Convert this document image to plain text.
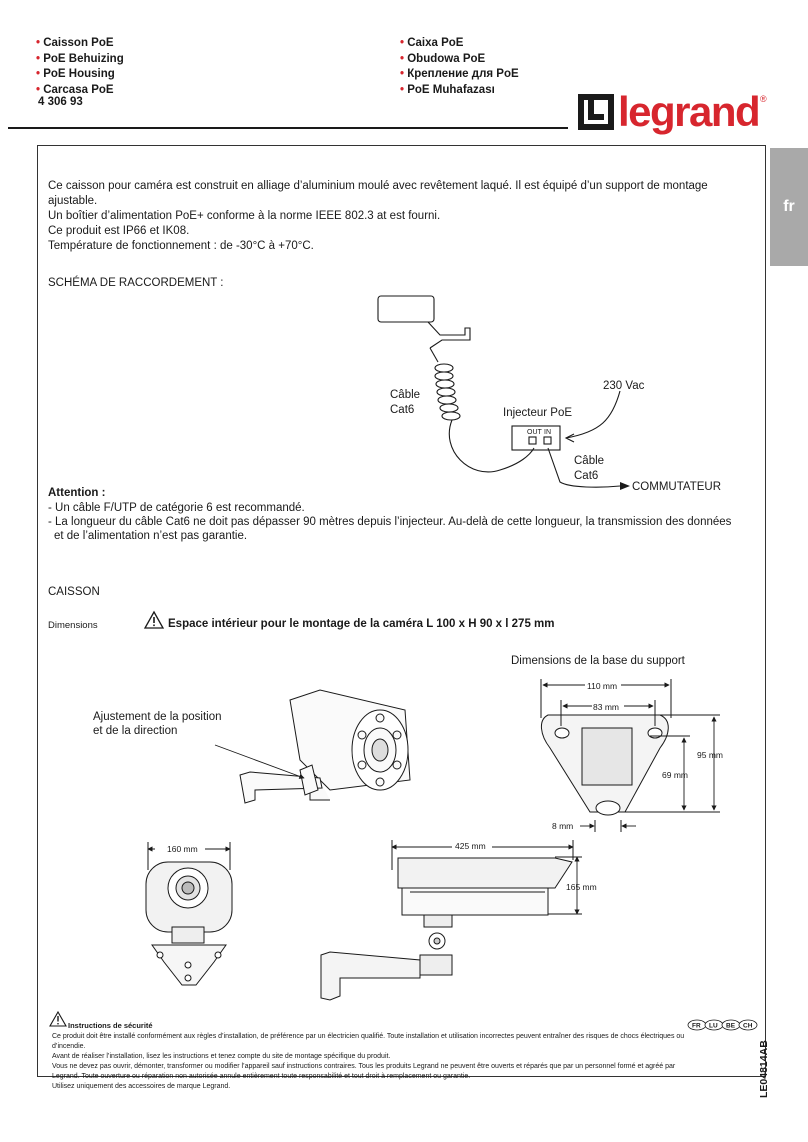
• Caisson PoE
• PoE Behuizing
• PoE Housing
• Carcasa PoE
• Caixa PoE
• Obudowa PoE
• Крепление для PoE
• PoE Muhafazası
4 306 93	legrand ®
fr
Ce caisson pour caméra est construit en alliage d’aluminium moulé avec revêtement laqué. Il est équipé d’un support de montage
ajustable.
Un boîtier d’alimentation PoE+ conforme à la norme IEEE 802.3 at est fourni.
Ce produit est IP66 et IK08.
Température de fonctionnement : de -30°C à +70°C.
SCHÉMA DE RACCORDEMENT :
OUT IN
Câble
Cat6	Injecteur PoE
230 Vac
Câble
Cat6
COMMUTATEUR
Attention :
- Un câble F/UTP de catégorie 6 est recommandé.
- La longueur du câble Cat6 ne doit pas dépasser 90 mètres depuis l’injecteur. Au-delà de cette longueur, la transmission des données
et de l’alimentation n’est pas garantie.
CAISSON
Dimensions	Espace intérieur pour le montage de la caméra L 100 x H 90 x l 275 mm
Dimensions de la base du support
Ajustement de la position
et de la direction
110 mm
83 mm
95 mm
69 mm
8 mm
160 mm	425 mm
165 mm
FR LU BE CH
Instructions de sécurité
Ce produit doit être installé conformément aux règles d’installation, de préférence par un électricien qualifié. Toute installation et utilisation incorrectes peuvent entraîner des risques de chocs électriques ou
d’incendie.
Avant de réaliser l’installation, lisez les instructions et tenez compte du site de montage spécifique du produit.
Vous ne devez pas ouvrir, démonter, transformer ou modifier l’appareil sauf instructions contraires. Tous les produits Legrand ne peuvent être ouverts et réparés que par un personnel formé et agréé par
Legrand. Toute ouverture ou réparation non autorisée annule entièrement toute responsabilité et tout droit à remplacement ou garantie.
Utilisez uniquement des accessoires de marque Legrand.	LE04814AB
